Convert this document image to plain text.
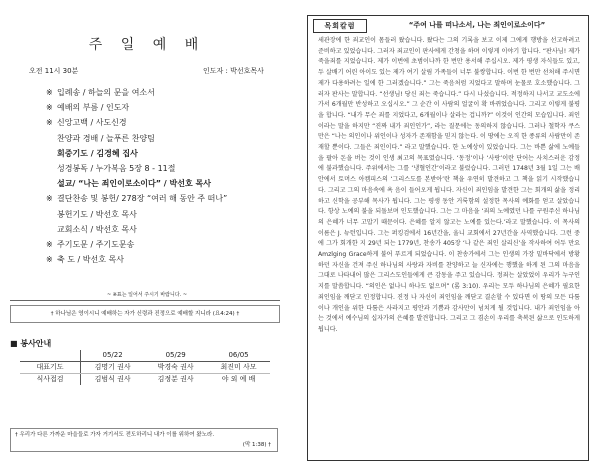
주 일 예 배
오전 11시 30분	인도자 : 박선호목사
※ 입례송 / 하늘의 문을 여소서
※ 예배의 부름 / 인도자
※ 신앙고백 / 사도신경
찬양과 경배 / 늘푸른 찬양팀
회중기도 / 김경혜 집사
성경봉독 / 누가복음 5장 8 - 11절
설교/ “나는 죄인이로소이다” / 박선호 목사
※ 결단찬송 및 봉헌/ 278장 “여러 해 동안 주 떠나”
봉헌기도 / 박선호 목사
교회소식 / 박선호 목사
※ 주기도문 / 주기도문송
※ 축 도 / 박선호 목사
~ ※표는 일어서 주시기 바랍니다. ~
† 하나님은 영이시니 예배하는 자가 신령과 진정으로 예배할 지니라 (요4:24) †
■ 봉사안내
	05/22	05/29	06/05
대표기도	김명기 권사	박경숙 권사	최진미 사모
식사접검	김범식 권사	김정분 권사	야 외 예 배
† 우리가 다른 가까운 마을들로 가자 거기서도 전도하리니 내가 이를 위하여 왔노라.
(막 1:38) †
목회칼럼	“주여 나를 떠나소서, 나는 죄인이로소이다”

세관장에 한 죄교인이 몸들러 왔습니다. 왔다는 그의 기록을 보고 이제 그에게 행방을 선고하려고 준비하고 있었습니다. 그러자 죄교인이 판사에게 간청을 하며 이렇게 이야기 합니다. “판사님! 제가 죽을죄를 지었습니다. 제가 이번에 초범이나까 한 번만 용서해 주십시오. 제가 평생 자식들도 있고, 두 살배기 어린 아이도 있는 제가 여기 살림 가족들이 너무 불쌍합니다. 이번 한 번만 선처해 주시면 제가 다용하려는 일에 한 그러겠습니다.” 그는 죽음처럼 지었다고 말하며 눈물로 호소했습니다. 그러자 판사는 말합니다. “선생님! 당신 죄는 죽습니다.” 다시 나섰습니다. 적정하지 나서고 교도소에 가서 6개월만 반성하고 오십시오.” 그 순간 이 사람의 얼굴이 확 바뀌었습니다. 그리고 이렇게 불평을 합니다. “내가 무슨 죄를 지었다고, 6개월이나 살라는 겁니까?” 이것이 인간의 모습입니다. 죄인이라는 말을 하지만 “진짜 내가 죄인인가”, 라는 질문에는 동의하지 않습니다. 그러나 철학자 쿠스만은 “나는 의인이나 위인이나 성자가 존재함을 믿지 않는다. 이 땅에는 오직 한 종류의 사람만이 존재할 뿐이다. 그들은 죄인이다.” 라고 말했습니다. 한 노예상이 있었습니다. 그는 바쁜 삶에 노예들을 팔아 돈을 버는 것이 인생 최고의 목표였습니다. ‘동정’이나 ‘사랑’이란 단어는 사치스러운 감정에 불과했습니다. 주위에서는 그를 ‘냉혈인간’이라고 불렀습니다. 그러던 1748년 3월 1일 그는 배 안에서 토머스 아켐피스의 ‘그리스도를 본받아’란 책을 우연히 발견하고 그 책을 읽기 시작했습니다. 그리고 그의 마음속에 욕 음이 들어오게 됩니다. 자신이 죄인임을 발견한 그는 회개의 삶을 정리하고 신학을 공부해 목사가 됩니다. 그는 평생 동안 거룩함의 설정한 목사의 예화를 얻고 살았습니다. 항상 노예의 불을 되돌보며 인도했습니다. 그는 그 마음을 ‘죄의 노예였던 나를 구원주신 하나님의 은혜가 너무 고맙기 때문이다. 은혜를 알지 않고는 노예를 있는다.’라고 말했습니다. 이 목사의 이름은 J. 뉴턴입니다. 그는 퍼킹검에서 16년간을, 울니 교회에서 27년간을 사역했습니다. 그런 중에 그가 회개한 지 29년 되는 1779년, 찬송가 405장 ‘나 같은 죄인 살리신’을 작사하여 어두 만요 Amzlging Grace하게 불어 푸르게 되었습니다. 이 찬송가에서 그는 인생의 가장 밑바닥에서 방황하던 자신을 건져 주신 하나님의 사랑과 자비를 찬양하고 늘 신자에는 행했을 하게 된 그의 마음을 그대로 나타내어 많은 그리스도인들에게 큰 감동을 주고 있습니다. 정죄는 살았었이 우리가 누구인지를 말씀합니다. “의인은 없나니 하나도 없으며” (롬 3:10). 우리는 모두 하나님의 은혜가 필요한 죄인임을 깨닫고 인정합니다. 진정 나 자신이 죄인임을 깨닫고 결손할 수 있다면 이 땅의 모든 다툼이나 개인을 위한 다툼은 사라지고 평안과 기쁨과 감사만이 넘치게 될 것입니다. 내가 죄인임을 아는 것에서 예수님의 십자가의 은혜를 발견합니다. 그리고 그 겸손이 우리를 축복된 삶으로 인도하게 됩니다.
